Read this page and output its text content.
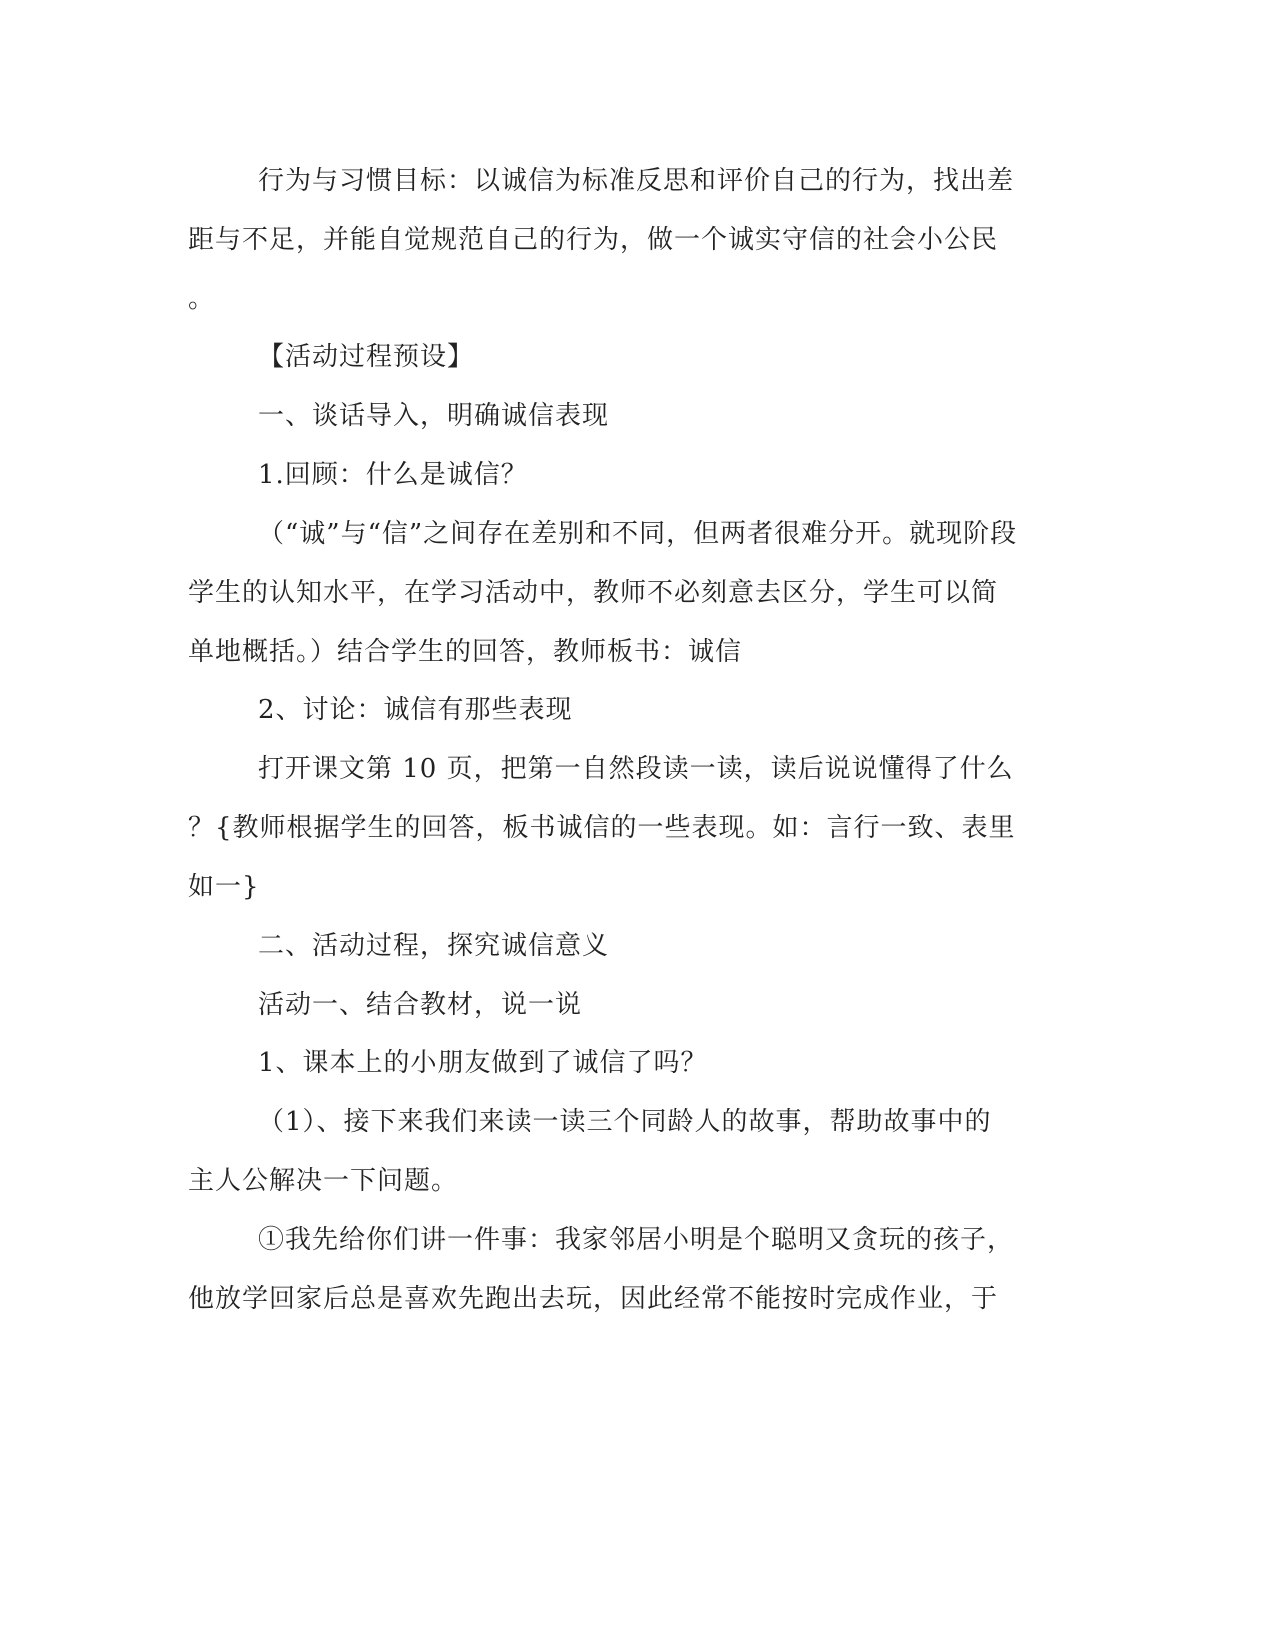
行为与习惯目标：以诚信为标准反思和评价自己的行为，找出差
距与不足，并能自觉规范自己的行为，做一个诚实守信的社会小公民
。
【活动过程预设】
一、谈话导入，明确诚信表现
1.回顾：什么是诚信？
（“诚”与“信”之间存在差别和不同，但两者很难分开。就现阶段
学生的认知水平，在学习活动中，教师不必刻意去区分，学生可以简
单地概括。）结合学生的回答，教师板书：诚信
2、讨论：诚信有那些表现
打开课文第 10 页，把第一自然段读一读，读后说说懂得了什么
？{教师根据学生的回答，板书诚信的一些表现。如：言行一致、表里
如一}
二、活动过程，探究诚信意义
活动一、结合教材，说一说
1、课本上的小朋友做到了诚信了吗？
（1）、接下来我们来读一读三个同龄人的故事，帮助故事中的
主人公解决一下问题。
①我先给你们讲一件事：我家邻居小明是个聪明又贪玩的孩子，
他放学回家后总是喜欢先跑出去玩，因此经常不能按时完成作业，于
